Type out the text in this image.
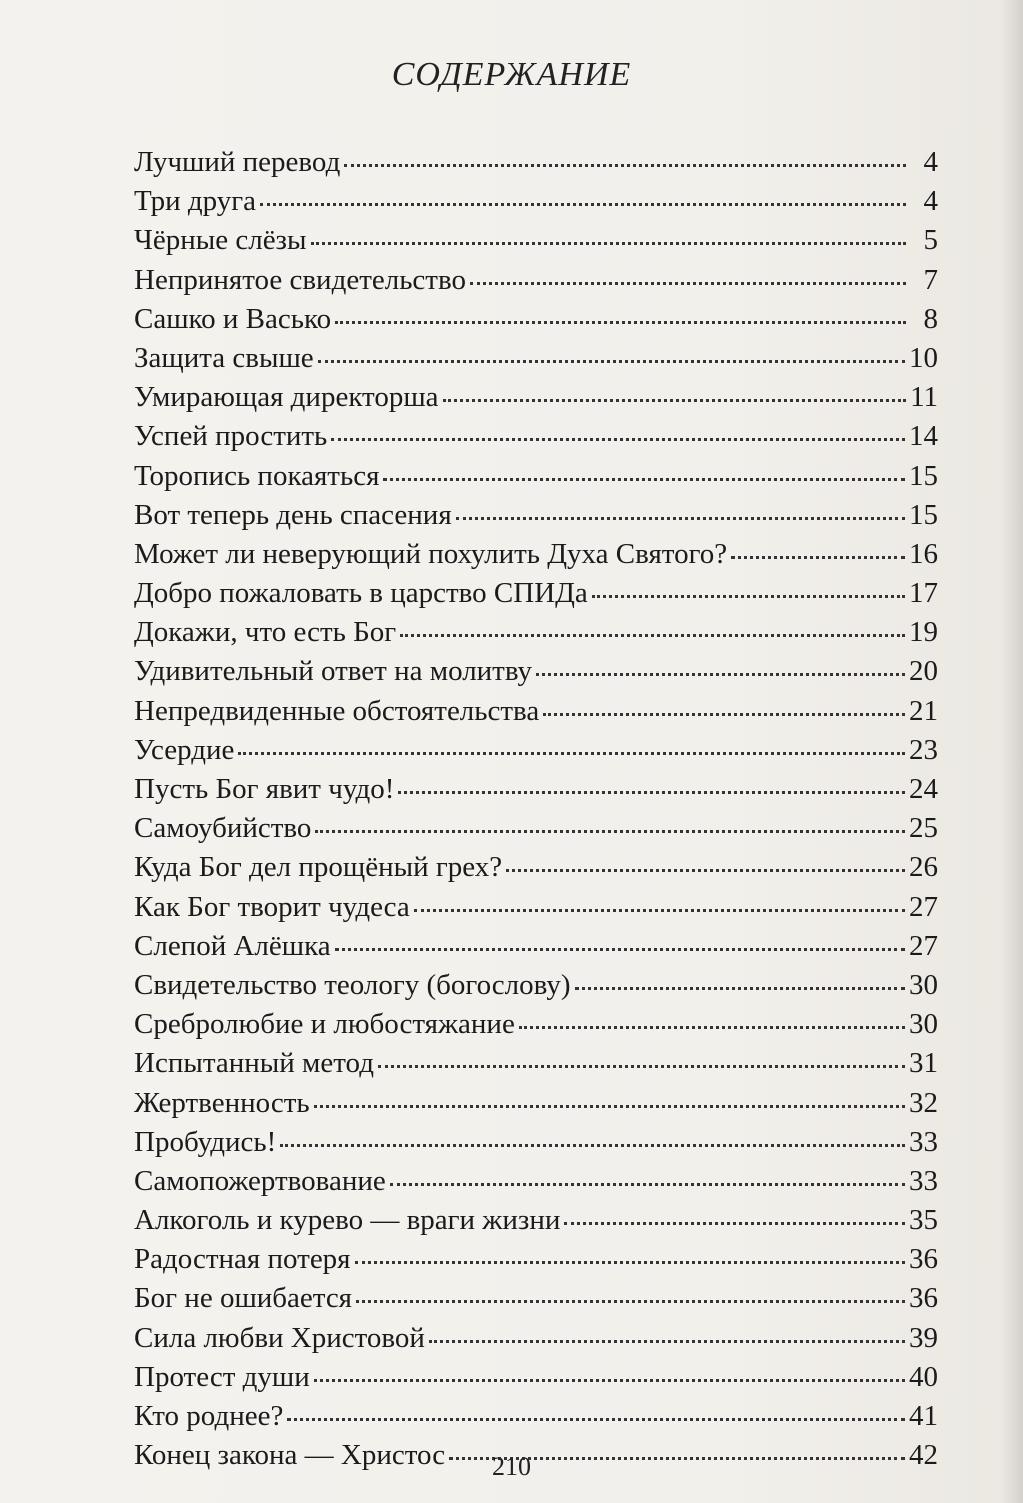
СОДЕРЖАНИЕ
Лучший перевод	4
Три друга	4
Чёрные слёзы	5
Непринятое свидетельство	7
Сашко и Васько	8
Защита свыше	10
Умирающая директорша	11
Успей простить	14
Торопись покаяться	15
Вот теперь день спасения	15
Может ли неверующий похулить Духа Святого?	16
Добро пожаловать в царство СПИДа	17
Докажи, что есть Бог	19
Удивительный ответ на молитву	20
Непредвиденные обстоятельства	21
Усердие	23
Пусть Бог явит чудо!	24
Самоубийство	25
Куда Бог дел прощёный грех?	26
Как Бог творит чудеса	27
Слепой Алёшка	27
Свидетельство теологу (богослову)	30
Сребролюбие и любостяжание	30
Испытанный метод	31
Жертвенность	32
Пробудись!	33
Самопожертвование	33
Алкоголь и курево — враги жизни	35
Радостная потеря	36
Бог не ошибается	36
Сила любви Христовой	39
Протест души	40
Кто роднее?	41
Конец закона — Христос	42
210
